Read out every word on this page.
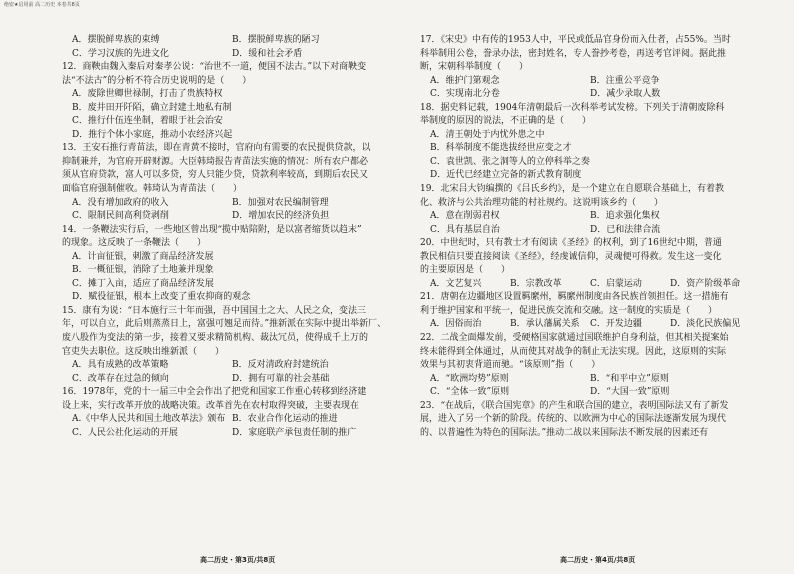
绝密★启用前 高二历史 本卷共8页
A．摆脱鲜卑族的束缚	B．摆脱鲜卑族的陋习
C．学习汉族的先进文化	D．缓和社会矛盾
12．商鞅由魏入秦后对秦孝公说：“治世不一道，便国不法古。”以下对商鞅变
法“不法古”的分析不符合历史说明的是（　　）
A．废除世卿世禄制，打击了贵族特权
B．废井田开阡陌，确立封建土地私有制
C．推行什伍连坐制，着眼于社会治安
D．推行个体小家庭，推动小农经济兴起
13．王安石推行青苗法，即在青黄不接时，官府向有需要的农民提供贷款，以
抑制兼并，为官府开辟财源。大臣韩琦报告青苗法实施的情况：所有农户都必
须从官府贷款，富人可以多贷，穷人只能少贷，贷款利率较高，到期后农民又
面临官府强制催收。韩琦认为青苗法（　　）
A．没有增加政府的收入	B．加强对农民编制管理
C．限制民间高利贷剥削	D．增加农民的经济负担
14．一条鞭法实行后，一些地区曾出现“揽中贴陪附，是以富者缩货以趋末”
的现象。这反映了一条鞭法（　　）
A．计亩征银，刺激了商品经济发展
B．一概征银，消除了土地兼并现象
C．摊丁入亩，适应了商品经济发展
D．赋役征银，根本上改变了重农抑商的观念
15．康有为说：“日本施行三十年而强，吾中国国土之大、人民之众，变法三
年，可以自立，此后则蒸蒸日上，富强可翘足而待。”推新派在实际中提出举新厂、
废八股作为变法的第一步，接着又要求精简机构、裁汰冗员，使得成千上万的
官吏失去职位。这反映出维新派（　　）
A．具有成熟的改革策略	B．反对清政府封建统治
C．改革存在过急的倾向	D．拥有可靠的社会基础
16．1978年，党的十一届三中全会作出了把党和国家工作重心转移到经济建
设上来，实行改革开放的战略决策。改革首先在农村取得突破，主要表现在
A.《中华人民共和国土地改革法》颁布 B．农业合作化运动的推进
C．人民公社化运动的开展	D．家庭联产承包责任制的推广
17．《宋史》中有传的1953人中，平民或低品官身份而入仕者，占55%。当时
科举制用公卷，誊录办法，密封姓名，专人誊抄考卷，再送考官评阅。据此推
断，宋朝科举制度（　　）
A．维护门第观念	B．注重公平竞争
C．实现南北分卷	D．减少录取人数
18．据史料记载，1904年清朝最后一次科举考试发榜。下列关于清朝废除科
举制度的原因的说法，不正确的是（　　）
A．清王朝处于内忧外患之中
B．科举制度不能选拔经世应变之才
C．袁世凯、张之洞等人的立停科举之奏
D．近代已经建立完备的新式教育制度
19．北宋吕大钧编撰的《吕氏乡约》，是一个建立在自愿联合基础上，有着教
化、救济与公共治理功能的村社规约。这说明该乡约（　　）
A．意在削弱君权	B．追求强化集权
C．具有基层自治	D．已和法律合流
20．中世纪时，只有教士才有阅读《圣经》的权利，到了16世纪中期，普通
教民相信只要直接阅读《圣经》，经虔诚信仰，灵魂便可得救。发生这一变化
的主要原因是（　　）
A．文艺复兴	B．宗教改革	C．启蒙运动	D．资产阶级革命
21．唐朝在边疆地区设置羁縻州，羁縻州制度由各民族首领担任。这一措施有
利于维护国家和平统一，促进民族交流和交融。这一制度的实质是（　　）
A．因俗而治	B．承认藩属关系	C．开发边疆	D．淡化民族偏见
22．二战全面爆发前，受硬格国家就通过国联维护自身利益，但其相关提案始
终未能得到全体通过，从而使其对战争的制止无法实现。因此，这原则的实际
效果与其初衷背道而驰。“该原则”指（　　）
A．“欧洲均势”原则	B．“和平中立”原则
C．“全体一致”原则	D．“大国一致”原则
23．“在战后，《联合国宪章》的产生和联合国的建立，表明国际法又有了新发
展，进入了另一个新的阶段。传统的、以欧洲为中心的国际法逐渐发展为现代
的、以普遍性为特色的国际法。”推动二战以来国际法不断发展的因素还有
高二历史・第3页/共8页	高二历史・第4页/共8页
